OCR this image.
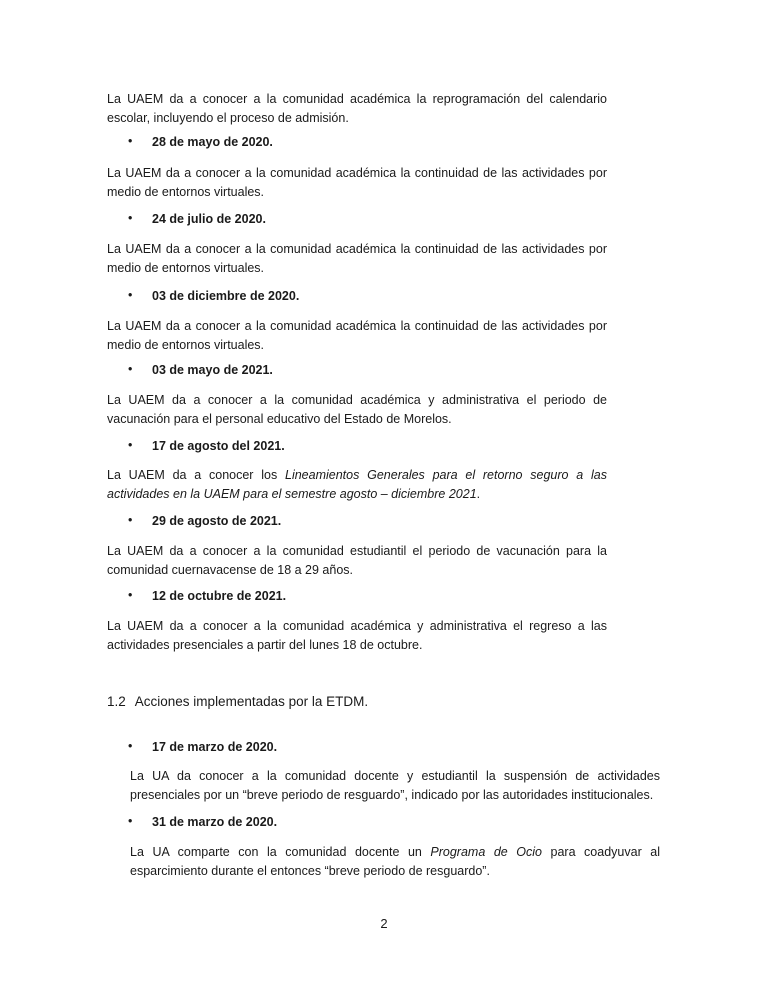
La UAEM da a conocer a la comunidad académica la reprogramación del calendario escolar, incluyendo el proceso de admisión.

• 28 de mayo de 2020.

La UAEM da a conocer a la comunidad académica la continuidad de las actividades por medio de entornos virtuales.

• 24 de julio de 2020.

La UAEM da a conocer a la comunidad académica la continuidad de las actividades por medio de entornos virtuales.

• 03 de diciembre de 2020.

La UAEM da a conocer a la comunidad académica la continuidad de las actividades por medio de entornos virtuales.

• 03 de mayo de 2021.

La UAEM da a conocer a la comunidad académica y administrativa el periodo de vacunación para el personal educativo del Estado de Morelos.

• 17 de agosto del 2021.

La UAEM da a conocer los Lineamientos Generales para el retorno seguro a las actividades en la UAEM para el semestre agosto – diciembre 2021.

• 29 de agosto de 2021.

La UAEM da a conocer a la comunidad estudiantil el periodo de vacunación para la comunidad cuernavacense de 18 a 29 años.

• 12 de octubre de 2021.

La UAEM da a conocer a la comunidad académica y administrativa el regreso a las actividades presenciales a partir del lunes 18 de octubre.

1.2 Acciones implementadas por la ETDM.

• 17 de marzo de 2020.

La UA da conocer a la comunidad docente y estudiantil la suspensión de actividades presenciales por un “breve periodo de resguardo”, indicado por las autoridades institucionales.

• 31 de marzo de 2020.

La UA comparte con la comunidad docente un Programa de Ocio para coadyuvar al esparcimiento durante el entonces “breve periodo de resguardo”.

2
